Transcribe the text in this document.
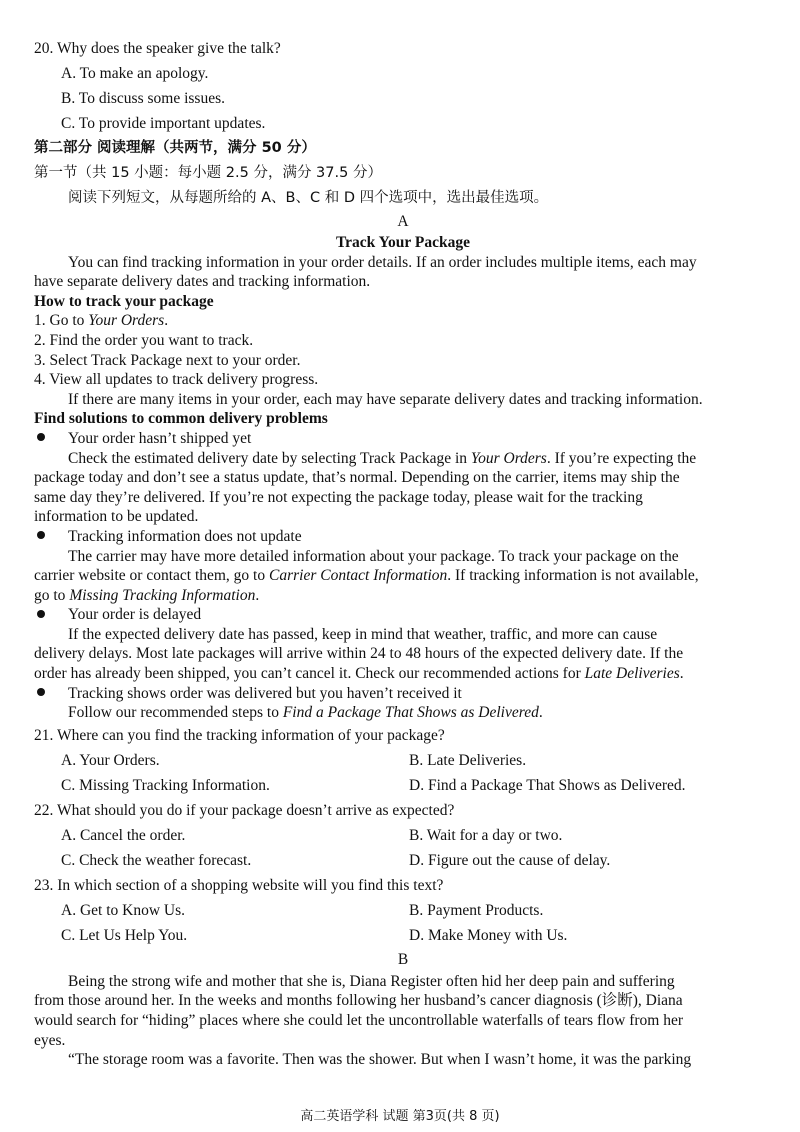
20. Why does the speaker give the talk?
A. To make an apology.
B. To discuss some issues.
C. To provide important updates.
第二部分 阅读理解（共两节，满分 50 分）
第一节（共 15 小题：每小题 2.5 分，满分 37.5 分）
阅读下列短文，从每题所给的 A、B、C 和 D 四个选项中，选出最佳选项。
A
Track Your Package
You can find tracking information in your order details. If an order includes multiple items, each may
have separate delivery dates and tracking information.
How to track your package
1. Go to Your Orders.
2. Find the order you want to track.
3. Select Track Package next to your order.
4. View all updates to track delivery progress.
If there are many items in your order, each may have separate delivery dates and tracking information.
Find solutions to common delivery problems
Your order hasn’t shipped yet
Check the estimated delivery date by selecting Track Package in Your Orders. If you’re expecting the
package today and don’t see a status update, that’s normal. Depending on the carrier, items may ship the
same day they’re delivered. If you’re not expecting the package today, please wait for the tracking
information to be updated.
Tracking information does not update
The carrier may have more detailed information about your package. To track your package on the
carrier website or contact them, go to Carrier Contact Information. If tracking information is not available,
go to Missing Tracking Information.
Your order is delayed
If the expected delivery date has passed, keep in mind that weather, traffic, and more can cause
delivery delays. Most late packages will arrive within 24 to 48 hours of the expected delivery date. If the
order has already been shipped, you can’t cancel it. Check our recommended actions for Late Deliveries.
Tracking shows order was delivered but you haven’t received it
Follow our recommended steps to Find a Package That Shows as Delivered.
21. Where can you find the tracking information of your package?
A. Your Orders.	B. Late Deliveries.
C. Missing Tracking Information.	D. Find a Package That Shows as Delivered.
22. What should you do if your package doesn’t arrive as expected?
A. Cancel the order.	B. Wait for a day or two.
C. Check the weather forecast.	D. Figure out the cause of delay.
23. In which section of a shopping website will you find this text?
A. Get to Know Us.	B. Payment Products.
C. Let Us Help You.	D. Make Money with Us.
B
Being the strong wife and mother that she is, Diana Register often hid her deep pain and suffering
from those around her. In the weeks and months following her husband’s cancer diagnosis (诊断), Diana
would search for “hiding” places where she could let the uncontrollable waterfalls of tears flow from her
eyes.
“The storage room was a favorite. Then was the shower. But when I wasn’t home, it was the parking
高二英语学科 试题 第3页(共 8 页)
